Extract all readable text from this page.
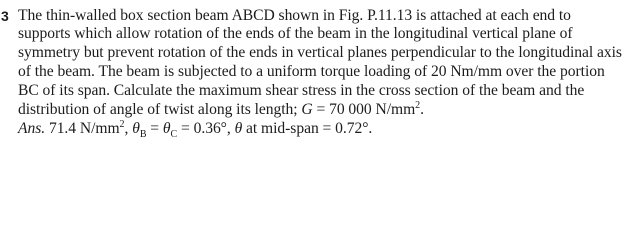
3 The thin-walled box section beam ABCD shown in Fig. P.11.13 is attached at each end to
supports which allow rotation of the ends of the beam in the longitudinal vertical plane of
symmetry but prevent rotation of the ends in vertical planes perpendicular to the longitudinal axis
of the beam. The beam is subjected to a uniform torque loading of 20 Nm/mm over the portion
BC of its span. Calculate the maximum shear stress in the cross section of the beam and the
distribution of angle of twist along its length; G = 70 000 $N/mm^2$.
Ans. 71.4 $N/mm^2$, $\theta_B = \theta_C = 0.36^\circ$, θ at mid-span = 0.72°.
